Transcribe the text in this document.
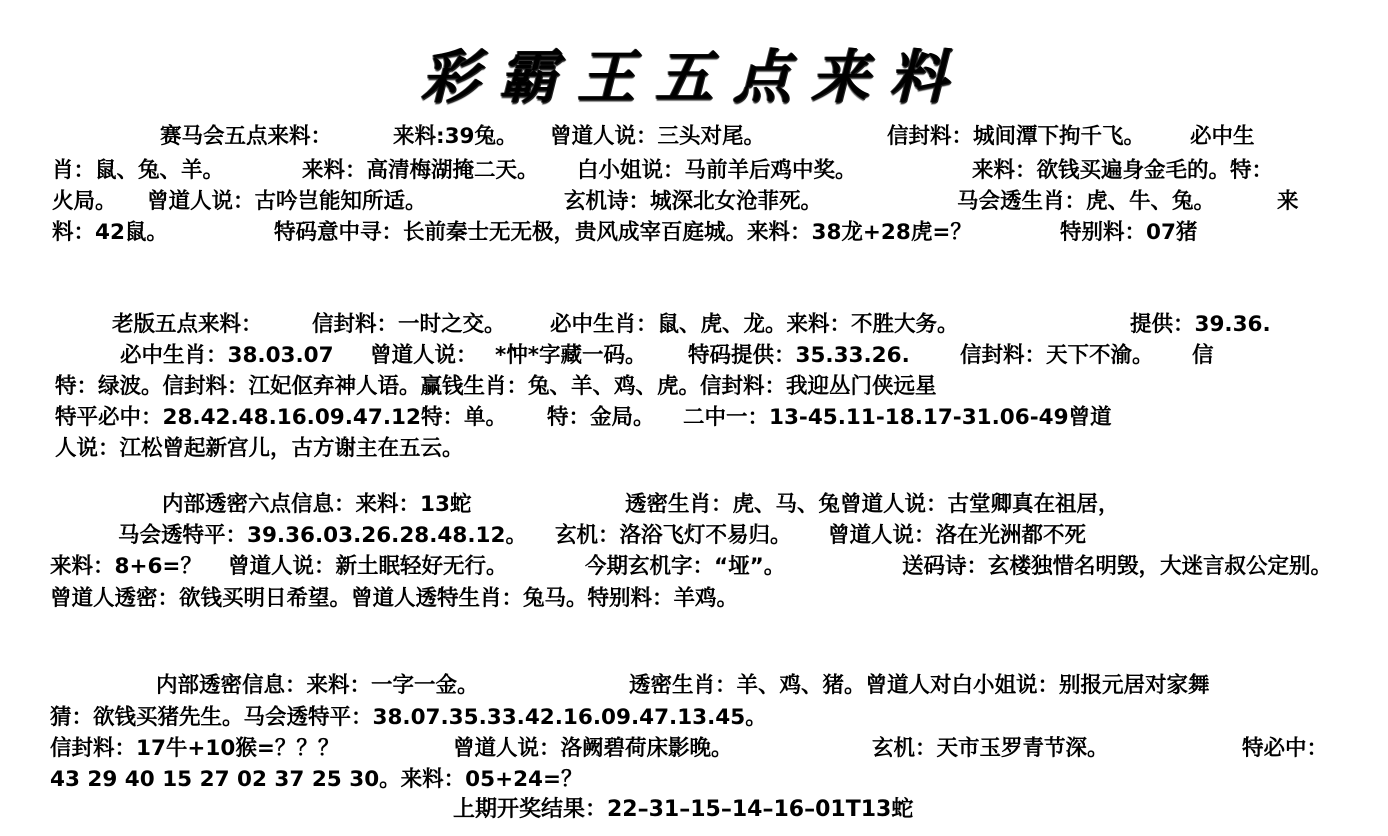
彩霸王五点来料
赛马会五点来料：	来料:39兔。 曾道人说：三头对尾。	信封料：城间潭下拘千飞。 必中生
肖：鼠、兔、羊。	来料：高清梅湖掩二天。 白小姐说：马前羊后鸡中奖。	来料：欲钱买遍身金毛的。特：
火局。 曾道人说：古吟岂能知所适。	玄机诗：城深北女沧菲死。	马会透生肖：虎、牛、兔。	来
料：42鼠。	特码意中寻：长前秦士无无极，贵风成宰百庭城。来料：38龙+28虎=？	特别料：07猪
老版五点来料： 信封料：一时之交。 必中生肖：鼠、虎、龙。来料：不胜大务。	提供：39.36.
必中生肖：38.03.07 曾道人说： *忡*字藏一码。 特码提供：35.33.26. 信封料：天下不渝。 信
特：绿波。信封料：江妃伛弃神人语。赢钱生肖：兔、羊、鸡、虎。信封料：我迎丛门侠远星
特平必中：28.42.48.16.09.47.12特：单。 特：金局。 二中一：13-45.11-18.17-31.06-49曾道
人说：江松曾起新宫儿，古方谢主在五云。
内部透密六点信息：来料：13蛇	透密生肖：虎、马、兔曾道人说：古堂卿真在祖居，
马会透特平：39.36.03.26.28.48.12。 玄机：洛浴飞灯不易归。 曾道人说：洛在光洲都不死
来料：8+6=？ 曾道人说：新土眠轻好无行。	今期玄机字：“垭”。	送码诗：玄楼独惜名明毁，大迷言叔公定别。
曾道人透密：欲钱买明日希望。曾道人透特生肖：兔马。特别料：羊鸡。
内部透密信息：来料：一字一金。	透密生肖：羊、鸡、猪。曾道人对白小姐说：别报元居对家舞
猜：欲钱买猪先生。马会透特平：38.07.35.33.42.16.09.47.13.45。
信封料：17牛+10猴=？？？	曾道人说：洛阙碧荷床影晚。	玄机：天市玉罗青节深。	特必中：
43 29 40 15 27 02 37 25 30。来料：05+24=？
上期开奖结果：22–31–15–14–16–01T13蛇
